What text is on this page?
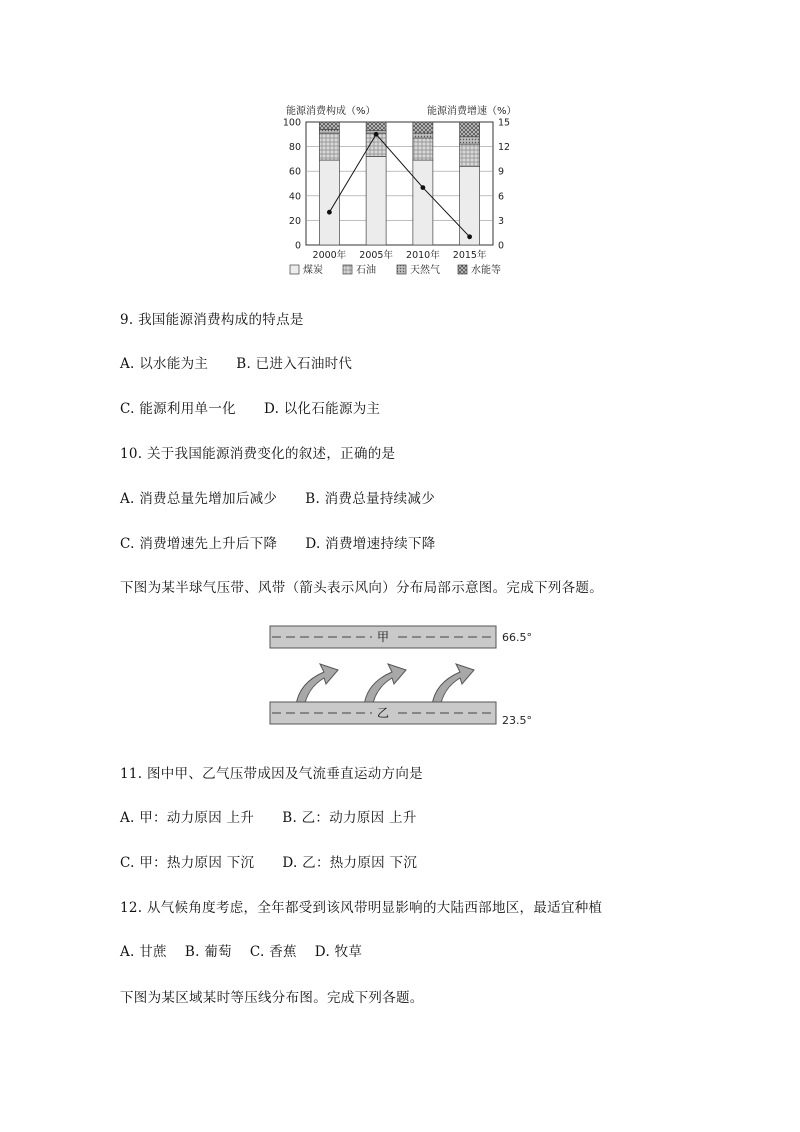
能源消费构成（%）	能源消费增速（%）
100
80
60
40
20
0
15
12
9
6
3
0
2000年 2005年 2010年 2015年
煤炭	石油	天然气	水能等
9. 我国能源消费构成的特点是
A. 以水能为主 B. 已进入石油时代
C. 能源利用单一化 D. 以化石能源为主
10. 关于我国能源消费变化的叙述，正确的是
A. 消费总量先增加后减少 B. 消费总量持续减少
C. 消费增速先上升后下降 D. 消费增速持续下降
下图为某半球气压带、风带（箭头表示风向）分布局部示意图。完成下列各题。
甲	66.5°
乙
23.5°
11. 图中甲、乙气压带成因及气流垂直运动方向是
A. 甲：动力原因 上升 B. 乙：动力原因 上升
C. 甲：热力原因 下沉 D. 乙：热力原因 下沉
12. 从气候角度考虑，全年都受到该风带明显影响的大陆西部地区，最适宜种植
A. 甘蔗 B. 葡萄 C. 香蕉 D. 牧草
下图为某区域某时等压线分布图。完成下列各题。
